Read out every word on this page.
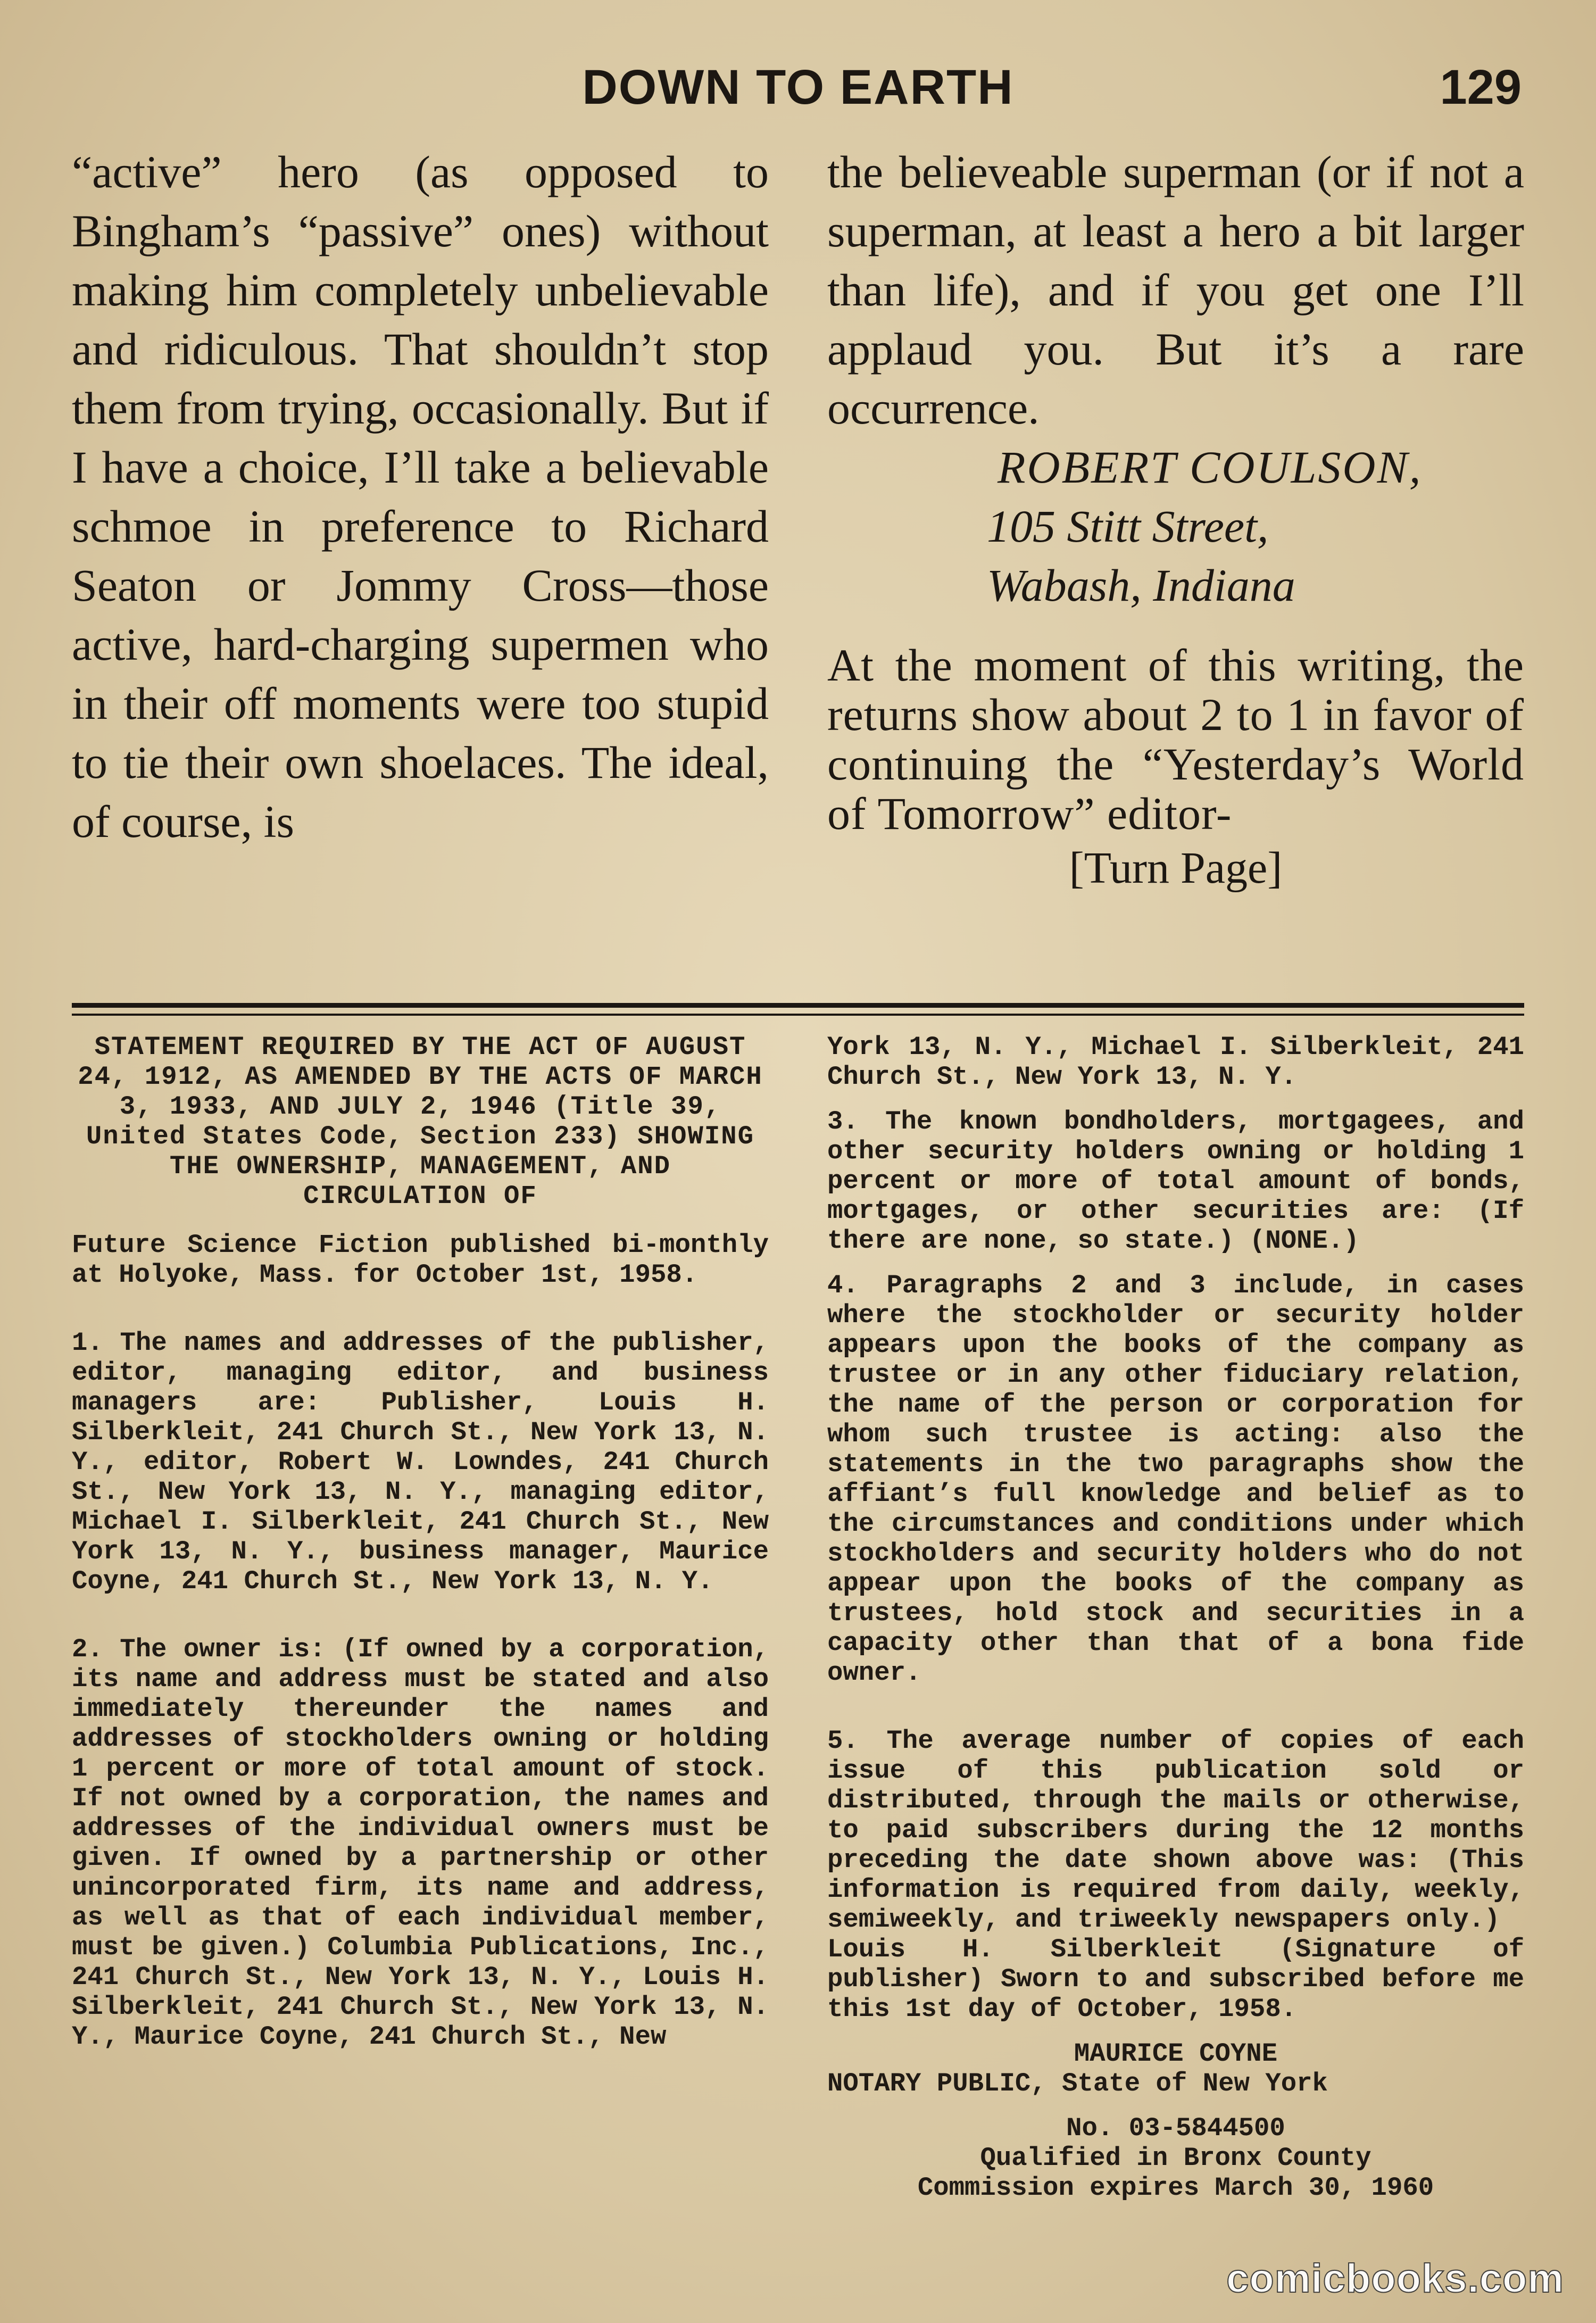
DOWN TO EARTH	129

“active” hero (as opposed to Bingham’s “passive” ones) without making him completely unbelievable and ridiculous. That shouldn’t stop them from trying, occasionally. But if I have a choice, I’ll take a believable schmoe in preference to Richard Seaton or Jommy Cross—those active, hard-charging supermen who in their off moments were too stupid to tie their own shoelaces. The ideal, of course, is

the believeable superman (or if not a superman, at least a hero a bit larger than life), and if you get one I’ll applaud you. But it’s a rare occurrence.

ROBERT COULSON,

105 Stitt Street,

Wabash, Indiana

At the moment of this writing, the returns show about 2 to 1 in favor of continuing the “Yesterday’s World of Tomorrow” editor-

[Turn Page]

STATEMENT REQUIRED BY THE ACT OF AUGUST 24, 1912, AS AMENDED BY THE ACTS OF MARCH 3, 1933, AND JULY 2, 1946 (Title 39, United States Code, Section 233) SHOWING THE OWNERSHIP, MANAGEMENT, AND CIRCULATION OF

Future Science Fiction published bi-monthly at Holyoke, Mass. for October 1st, 1958.

1. The names and addresses of the publisher, editor, managing editor, and business managers are: Publisher, Louis H. Silberkleit, 241 Church St., New York 13, N. Y., editor, Robert W. Lowndes, 241 Church St., New York 13, N. Y., managing editor, Michael I. Silberkleit, 241 Church St., New York 13, N. Y., business manager, Maurice Coyne, 241 Church St., New York 13, N. Y.

2. The owner is: (If owned by a corporation, its name and address must be stated and also immediately thereunder the names and addresses of stockholders owning or holding 1 percent or more of total amount of stock. If not owned by a corporation, the names and addresses of the individual owners must be given. If owned by a partnership or other unincorporated firm, its name and address, as well as that of each individual member, must be given.) Columbia Publications, Inc., 241 Church St., New York 13, N. Y., Louis H. Silberkleit, 241 Church St., New York 13, N. Y., Maurice Coyne, 241 Church St., New

York 13, N. Y., Michael I. Silberkleit, 241 Church St., New York 13, N. Y.

3. The known bondholders, mortgagees, and other security holders owning or holding 1 percent or more of total amount of bonds, mortgages, or other securities are: (If there are none, so state.) (NONE.)

4. Paragraphs 2 and 3 include, in cases where the stockholder or security holder appears upon the books of the company as trustee or in any other fiduciary relation, the name of the person or corporation for whom such trustee is acting: also the statements in the two paragraphs show the affiant’s full knowledge and belief as to the circumstances and conditions under which stockholders and security holders who do not appear upon the books of the company as trustees, hold stock and securities in a capacity other than that of a bona fide owner.

5. The average number of copies of each issue of this publication sold or distributed, through the mails or otherwise, to paid subscribers during the 12 months preceding the date shown above was: (This information is required from daily, weekly, semiweekly, and triweekly newspapers only.)

Louis H. Silberkleit (Signature of publisher) Sworn to and subscribed before me this 1st day of October, 1958.

MAURICE COYNE

NOTARY PUBLIC, State of New York

No. 03-5844500

Qualified in Bronx County

Commission expires March 30, 1960

comicbooks.com
